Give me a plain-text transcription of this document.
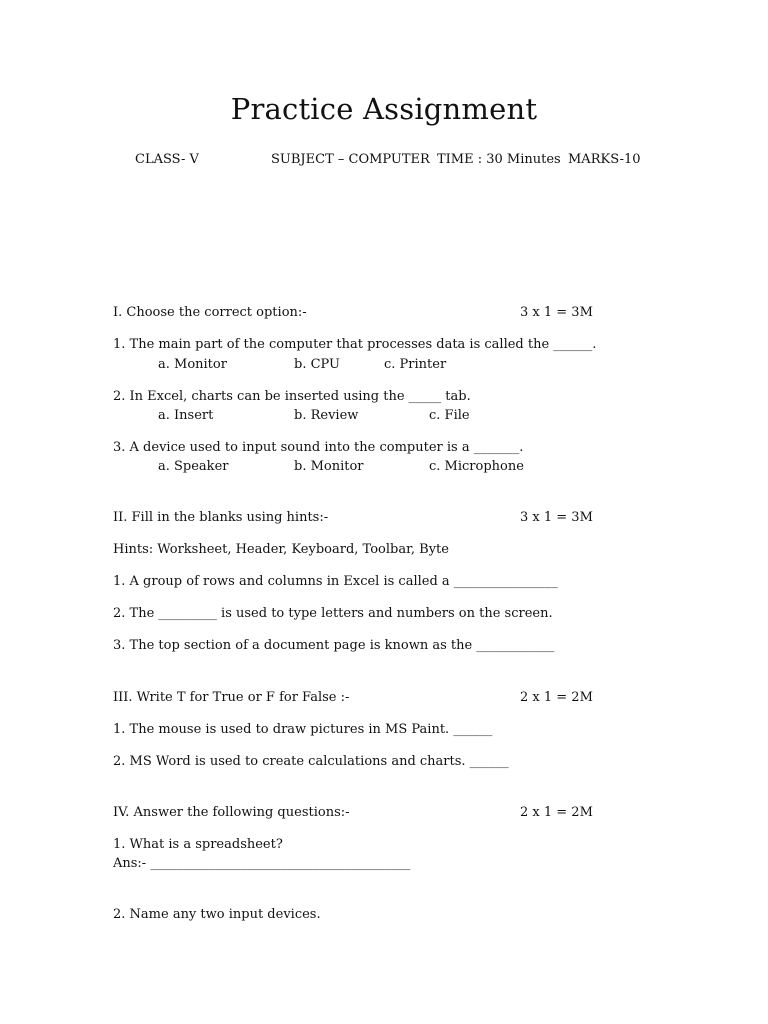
Practice Assignment
CLASS- V	SUBJECT – COMPUTER TIME : 30 Minutes MARKS-10
I. Choose the correct option:-	3 x 1 = 3M
1. The main part of the computer that processes data is called the ______.
a. Monitor	b. CPU	c. Printer
2. In Excel, charts can be inserted using the _____ tab.
a. Insert	b. Review	c. File
3. A device used to input sound into the computer is a _______.
a. Speaker	b. Monitor	c. Microphone
II. Fill in the blanks using hints:-	3 x 1 = 3M
Hints: Worksheet, Header, Keyboard, Toolbar, Byte
1. A group of rows and columns in Excel is called a ________________
2. The _________ is used to type letters and numbers on the screen.
3. The top section of a document page is known as the ____________
III. Write T for True or F for False :-	2 x 1 = 2M
1. The mouse is used to draw pictures in MS Paint. ______
2. MS Word is used to create calculations and charts. ______
IV. Answer the following questions:-	2 x 1 = 2M
1. What is a spreadsheet?
Ans:- ________________________________________
2. Name any two input devices.
